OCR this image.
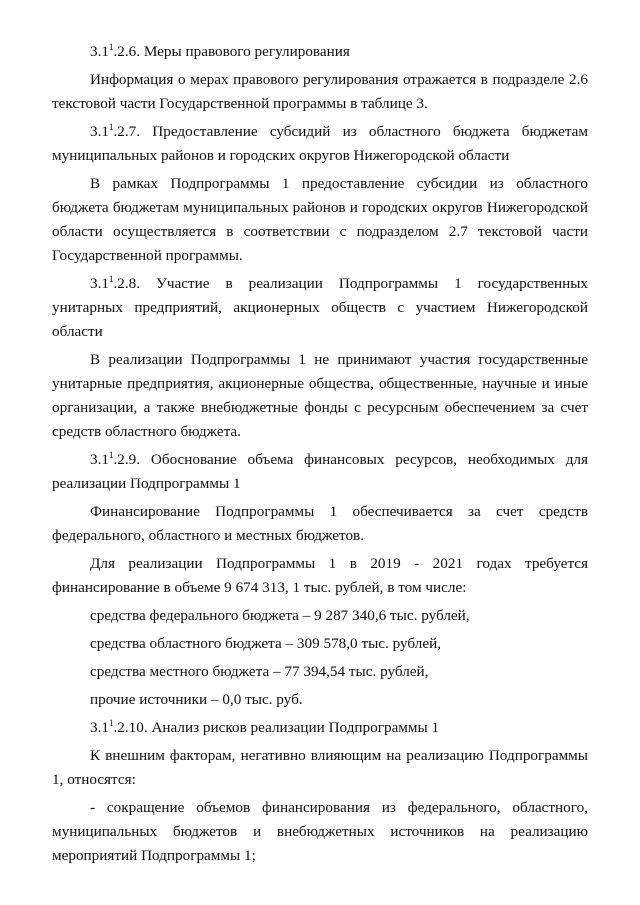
$3.1^1.2.6$. Меры правового регулирования

Информация о мерах правового регулирования отражается в подразделе 2.6 текстовой части Государственной программы в таблице 3.

$3.1^1.2.7$. Предоставление субсидий из областного бюджета бюджетам муниципальных районов и городских округов Нижегородской области

В рамках Подпрограммы 1 предоставление субсидии из областного бюджета бюджетам муниципальных районов и городских округов Нижегородской области осуществляется в соответствии с подразделом 2.7 текстовой части Государственной программы.

$3.1^1.2.8$. Участие в реализации Подпрограммы 1 государственных унитарных предприятий, акционерных обществ с участием Нижегородской области

В реализации Подпрограммы 1 не принимают участия государственные унитарные предприятия, акционерные общества, общественные, научные и иные организации, а также внебюджетные фонды с ресурсным обеспечением за счет средств областного бюджета.

$3.1^1.2.9$. Обоснование объема финансовых ресурсов, необходимых для реализации Подпрограммы 1

Финансирование Подпрограммы 1 обеспечивается за счет средств федерального, областного и местных бюджетов.

Для реализации Подпрограммы 1 в 2019 - 2021 годах требуется финансирование в объеме 9 674 313, 1 тыс. рублей, в том числе:

средства федерального бюджета – 9 287 340,6 тыс. рублей,

средства областного бюджета – 309 578,0 тыс. рублей,

средства местного бюджета – 77 394,54 тыс. рублей,

прочие источники – 0,0 тыс. руб.

$3.1^1.2.10$. Анализ рисков реализации Подпрограммы 1

К внешним факторам, негативно влияющим на реализацию Подпрограммы 1, относятся:

- сокращение объемов финансирования из федерального, областного, муниципальных бюджетов и внебюджетных источников на реализацию мероприятий Подпрограммы 1;
